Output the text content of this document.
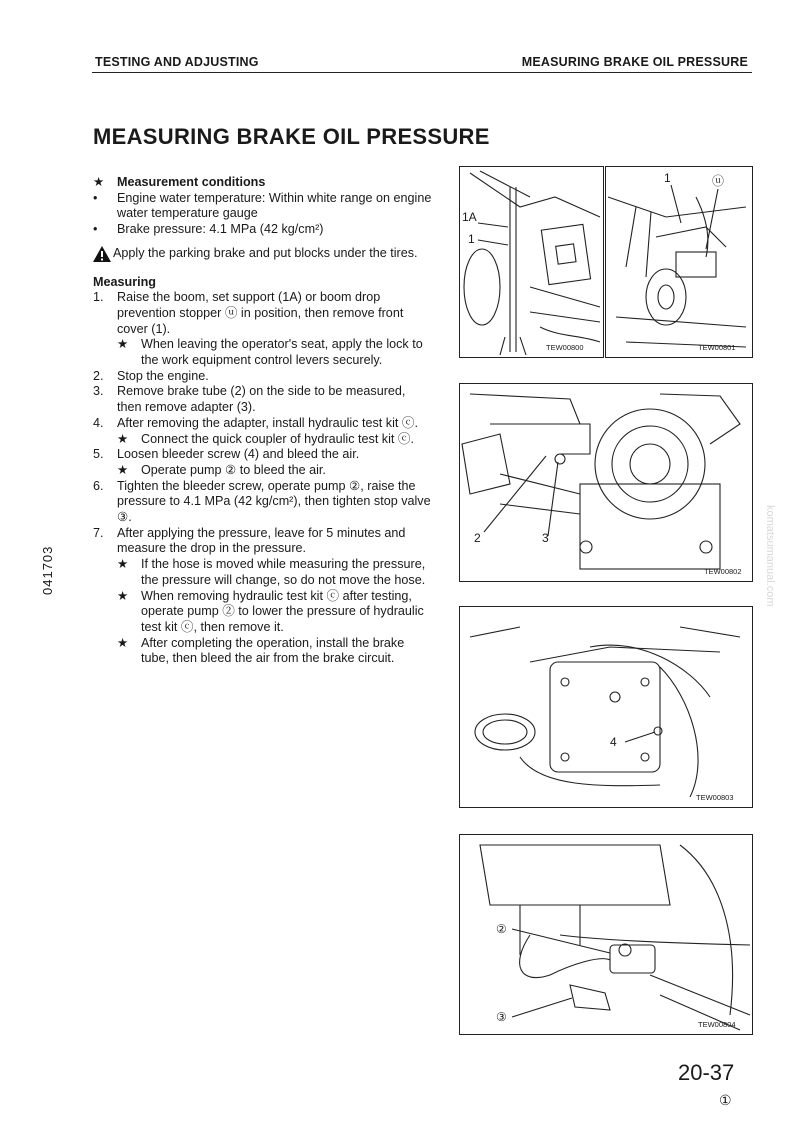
TESTING AND ADJUSTING	MEASURING BRAKE OIL PRESSURE
MEASURING BRAKE OIL PRESSURE
041703
★	Measurement conditions
•	Engine water temperature: Within white range on engine water temperature gauge
•	Brake pressure: 4.1 MPa (42 kg/cm²)
Apply the parking brake and put blocks under the tires.
Measuring
1.	Raise the boom, set support (1A) or boom drop prevention stopper ⓤ in position, then remove front cover (1).
★	When leaving the operator's seat, apply the lock to the work equipment control levers securely.
2.	Stop the engine.
3.	Remove brake tube (2) on the side to be measured, then remove adapter (3).
4.	After removing the adapter, install hydraulic test kit ⓒ.
★	Connect the quick coupler of hydraulic test kit ⓒ.
5.	Loosen bleeder screw (4) and bleed the air.
★	Operate pump ② to bleed the air.
6.	Tighten the bleeder screw, operate pump ②, raise the pressure to 4.1 MPa (42 kg/cm²), then tighten stop valve ③.
7.	After applying the pressure, leave for 5 minutes and measure the drop in the pressure.
★	If the hose is moved while measuring the pressure, the pressure will change, so do not move the hose.
★	When removing hydraulic test kit ⓒ after testing, operate pump ② to lower the pressure of hydraulic test kit ⓒ, then remove it.
★	After completing the operation, install the brake tube, then bleed the air from the brake circuit.
1A
1
TEW00800
1	ⓤ
TEW00801
2	3
TEW00802
4
TEW00803
②
③
TEW00804
komatsumanual.com
20-37
①
